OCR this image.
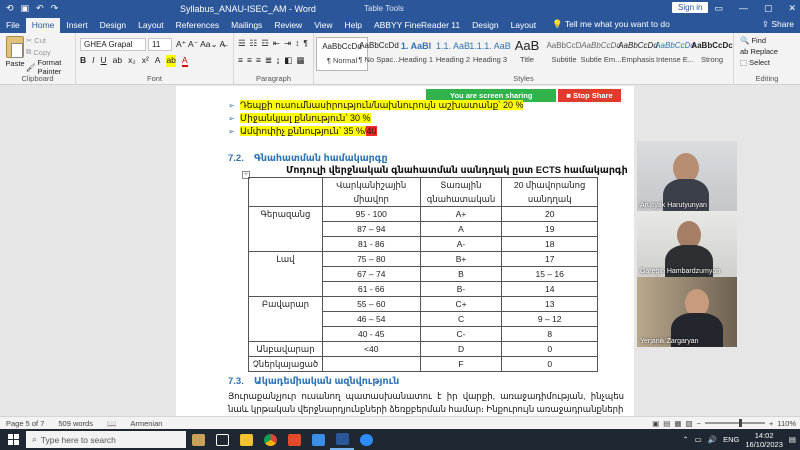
⟲ ▣ ↶ ↷	Syllabus_ANAU-ISEC_AM - Word	Table Tools	Sign in	▭ — ▢ ✕
File	Home	Insert	Design	Layout	References	Mailings	Review	View	Help	ABBYY FineReader 11	Design	Layout	💡 Tell me what you want to do	⇪ Share
Paste
✂ Cut
⧉ Copy
🖌 Format Painter
Clipboard
GHEA Grapal	11	A⁺ A⁻ Aa⌄ A̶
B I U ab x₂ x² A ab A
Font
☰ ☷ ☲ ⇤ ⇥ ↕ ¶
≡ ≡ ≡ ≣ ↨ ◧ ▦
Paragraph
AaBbCcDd
¶ Normal
AaBbCcDd
¶ No Spac...
1. AaBl
Heading 1
1.1. AaB
Heading 2
1.1.1. AaB
Heading 3
AaB
Title
AaBbCcD
Subtitle
AaBbCcDd
Subtle Em...
AaBbCcDd
Emphasis
AaBbCcDd
Intense E...
AaBbCcDc
Strong
Styles
🔍 Find
ab Replace
⬚ Select
Editing
You are screen sharing	■ Stop Share
➢ Դեպքի ուսումնասիրություն/նախնուրույն աշխատանք՝ 20 %
➢ Միջանկյալ քննություն՝ 30 %
➢ Ամփոփիչ քննություն՝ 35 %/40
7.2. Գնահատման համակարգը
Մոդուլի վերջնական գնահատման սանդղակ ըստ ECTS համակարգի
+
	Վարկանիշային
միավոր	Տառային
գնահատական	20 միավորանոց
սանդղակ
Գերազանց	95 - 100	A+	20
	87 – 94	A	19
	81 - 86	A-	18
Լավ	75 – 80	B+	17
	67 – 74	B	15 – 16
	61 - 66	B-	14
Բավարար	55 – 60	C+	13
	46 – 54	C	9 – 12
	40 - 45	C-	8
Անբավարար	<40	D	0
Չներկայացած		F	0
7.3. Ակադեմիական ազնվություն
Յուրաքանչյուր ուսանող պատասխանատու է իր վարքի, առաջադիմության, ինչպես նաև կրթական վերջնարդյունքների ձեռքբերման համար։ Ինքուրույն առաջադրանքների
Arusyak Harutyunyan
Garegin Hambardzumyan
Yerjanik Zargaryan
Page 5 of 7	509 words	📖	Armenian	▣ ▤ ▦ ▧ −	+ 110%
⌕ Type here to search	⌃ ▭ 🔊 ENG	14:02
16/10/2023 ▤
